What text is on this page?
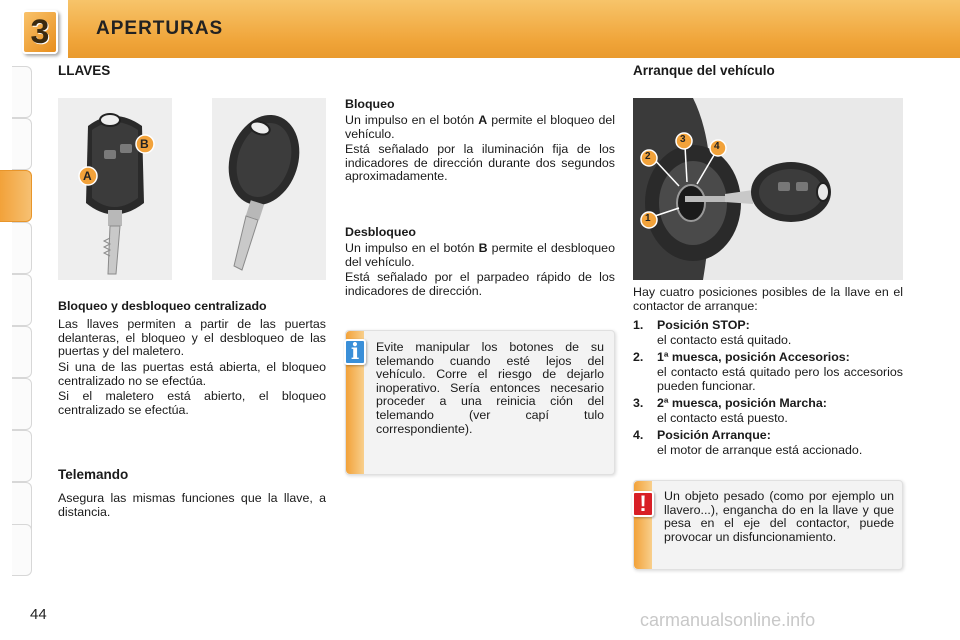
3 APERTURAS
LLAVES
B
A
Bloqueo y desbloqueo centralizado
Las llaves permiten a partir de las puertas delanteras, el bloqueo y el desbloqueo de las puertas y del maletero.
Si una de las puertas está abierta, el bloqueo centralizado no se efectúa.
Si el maletero está abierto, el bloqueo centralizado se efectúa.
Telemando
Asegura las mismas funciones que la llave, a distancia.
Bloqueo
Un impulso en el botón A permite el bloqueo del vehículo.
Está señalado por la iluminación fija de los indicadores de dirección durante dos segundos aproximadamente.
Desbloqueo
Un impulso en el botón B permite el desbloqueo del vehículo.
Está señalado por el parpadeo rápido de los indicadores de dirección.
i	Evite manipular los botones de su telemando cuando esté lejos del vehículo. Corre el riesgo de dejarlo inoperativo. Sería entonces necesario proceder a una reinicia ción del telemando (ver capí tulo correspondiente).
Arranque del vehículo
1
2
3
4
Hay cuatro posiciones posibles de la llave en el contactor de arranque:
1. Posición STOP:
el contacto está quitado.
2. 1ª muesca, posición Accesorios:
el contacto está quitado pero los accesorios pueden funcionar.
3. 2ª muesca, posición Marcha:
el contacto está puesto.
4. Posición Arranque:
el motor de arranque está accionado.
!	Un objeto pesado (como por ejemplo un llavero...), engancha do en la llave y que pesa en el eje del contactor, puede provocar un disfuncionamiento.
44	carmanualsonline.info
